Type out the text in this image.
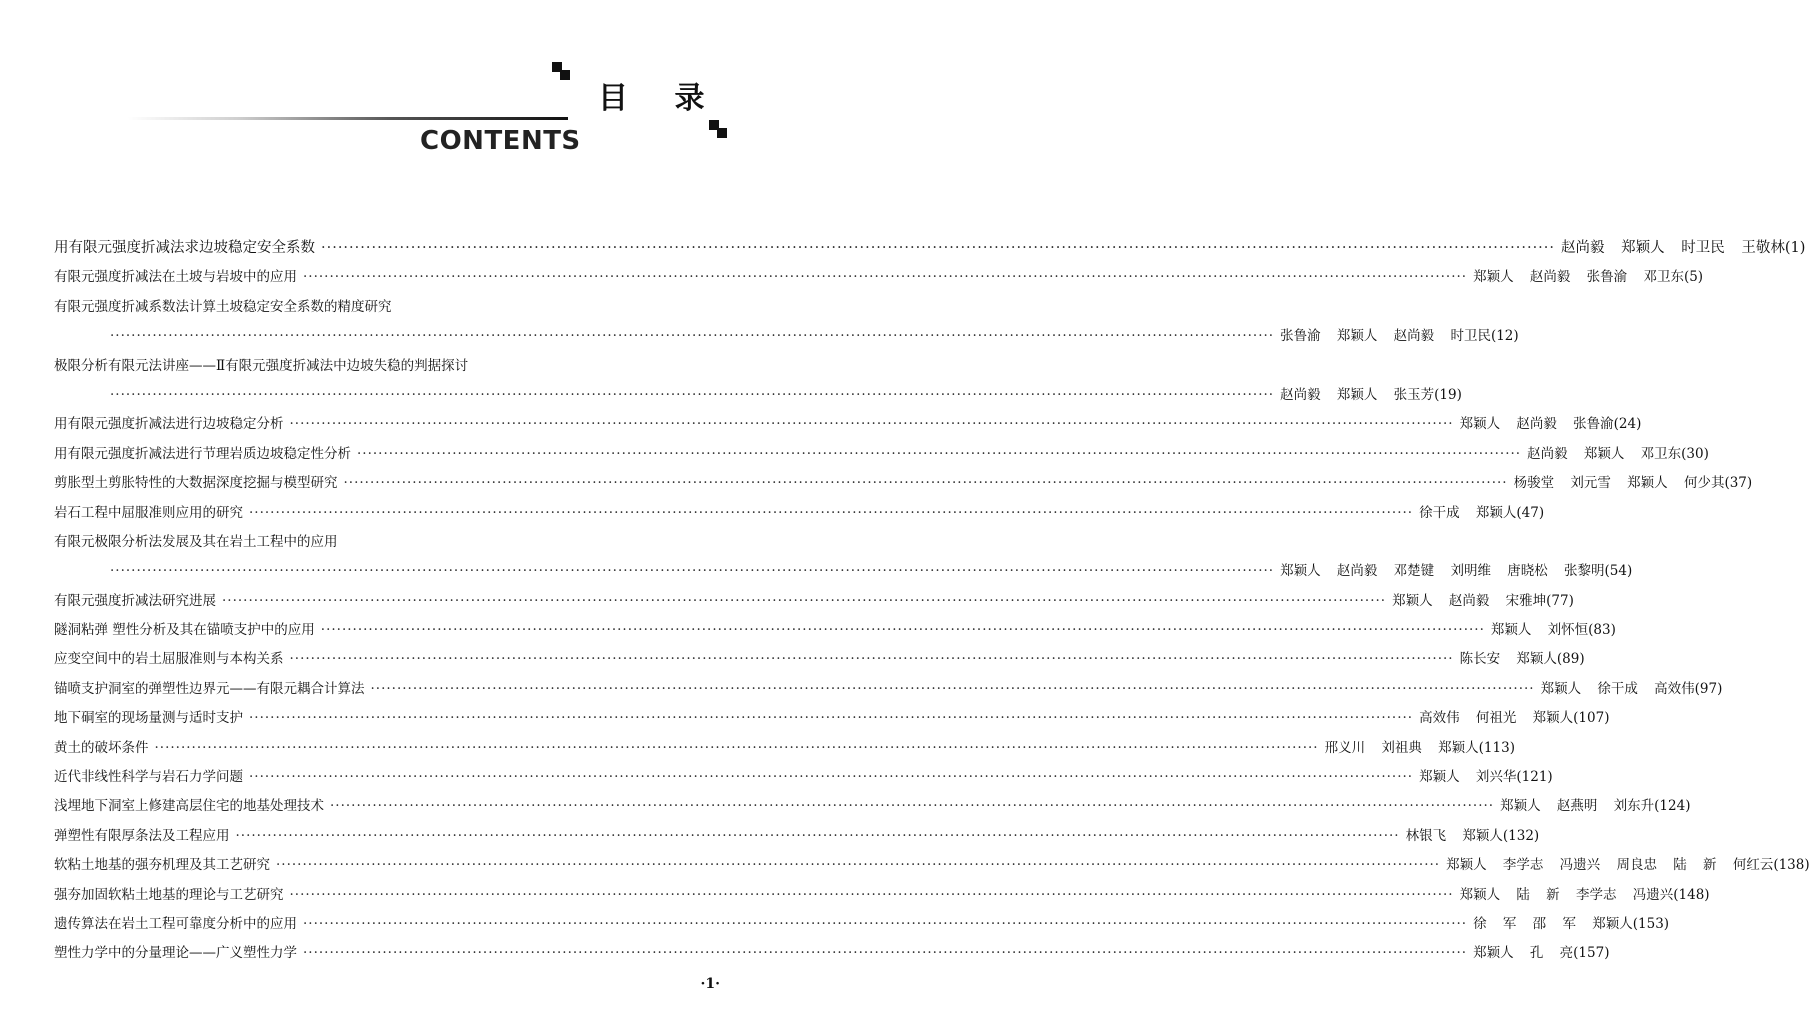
目 录
CONTENTS
用有限元强度折减法求边坡稳定安全系数 ···························································································································································································································· 赵尚毅 郑颖人 时卫民 王敬林(1)
有限元强度折减法在土坡与岩坡中的应用 ···························································································································································································································· 郑颖人 赵尚毅 张鲁渝 邓卫东(5)
有限元强度折减系数法计算土坡稳定安全系数的精度研究
···························································································································································································································· 张鲁渝 郑颖人 赵尚毅 时卫民(12)
极限分析有限元法讲座——Ⅱ有限元强度折减法中边坡失稳的判据探讨
···························································································································································································································· 赵尚毅 郑颖人 张玉芳(19)
用有限元强度折减法进行边坡稳定分析 ···························································································································································································································· 郑颖人 赵尚毅 张鲁渝(24)
用有限元强度折减法进行节理岩质边坡稳定性分析 ···························································································································································································································· 赵尚毅 郑颖人 邓卫东(30)
剪胀型土剪胀特性的大数据深度挖掘与模型研究 ···························································································································································································································· 杨骏堂 刘元雪 郑颖人 何少其(37)
岩石工程中屈服准则应用的研究 ···························································································································································································································· 徐干成 郑颖人(47)
有限元极限分析法发展及其在岩土工程中的应用
···························································································································································································································· 郑颖人 赵尚毅 邓楚键 刘明维 唐晓松 张黎明(54)
有限元强度折减法研究进展 ···························································································································································································································· 郑颖人 赵尚毅 宋雅坤(77)
隧洞粘弹 塑性分析及其在锚喷支护中的应用 ···························································································································································································································· 郑颖人 刘怀恒(83)
应变空间中的岩土屈服准则与本构关系 ···························································································································································································································· 陈长安 郑颖人(89)
锚喷支护洞室的弹塑性边界元——有限元耦合计算法 ···························································································································································································································· 郑颖人 徐干成 高效伟(97)
地下硐室的现场量测与适时支护 ···························································································································································································································· 高效伟 何祖光 郑颖人(107)
黄土的破坏条件 ···························································································································································································································· 邢义川 刘祖典 郑颖人(113)
近代非线性科学与岩石力学问题 ···························································································································································································································· 郑颖人 刘兴华(121)
浅埋地下洞室上修建高层住宅的地基处理技术 ···························································································································································································································· 郑颖人 赵燕明 刘东升(124)
弹塑性有限厚条法及工程应用 ···························································································································································································································· 林银飞 郑颖人(132)
软粘土地基的强夯机理及其工艺研究 ···························································································································································································································· 郑颖人 李学志 冯遗兴 周良忠 陆 新 何红云(138)
强夯加固软粘土地基的理论与工艺研究 ···························································································································································································································· 郑颖人 陆 新 李学志 冯遗兴(148)
遗传算法在岩土工程可靠度分析中的应用 ···························································································································································································································· 徐 军 邵 军 郑颖人(153)
塑性力学中的分量理论——广义塑性力学 ···························································································································································································································· 郑颖人 孔 亮(157)

·1·
